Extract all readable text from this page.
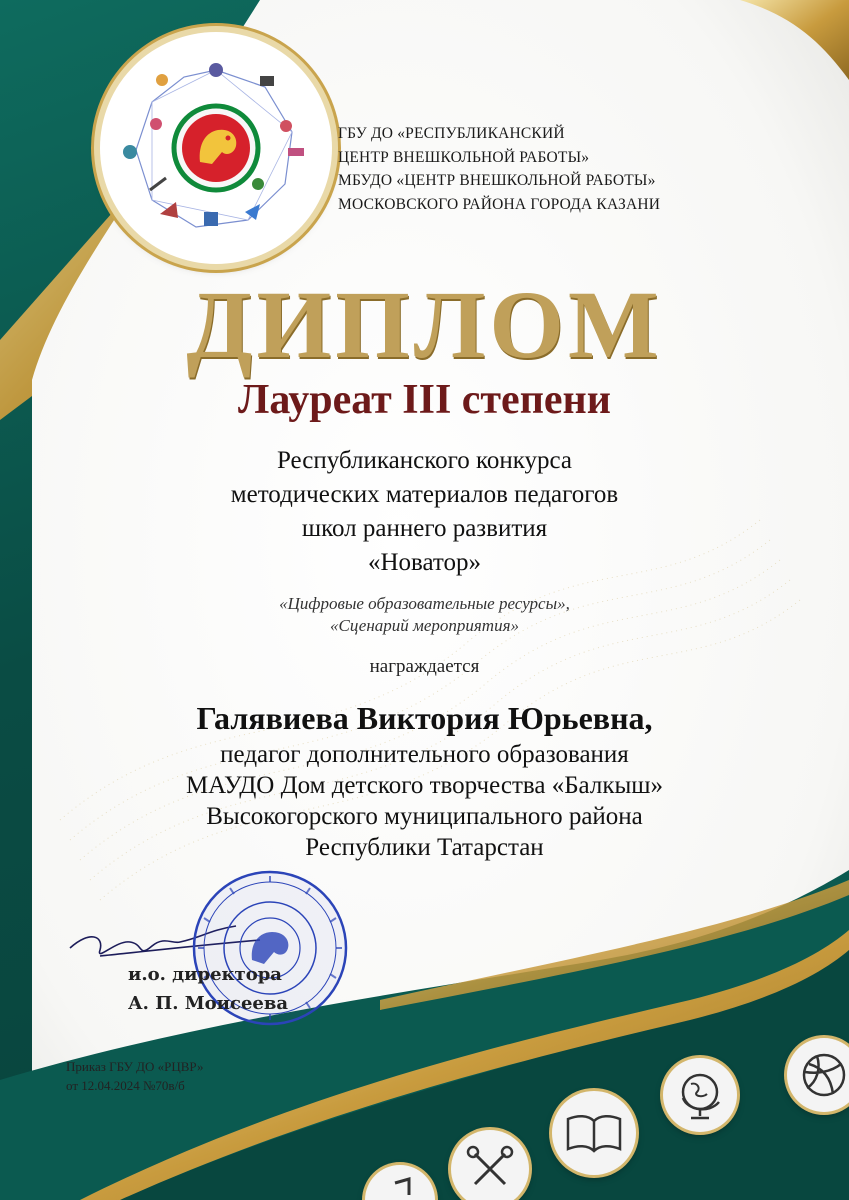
ГБУ ДО «РЕСПУБЛИКАНСКИЙ
ЦЕНТР ВНЕШКОЛЬНОЙ РАБОТЫ»
МБУДО «ЦЕНТР ВНЕШКОЛЬНОЙ РАБОТЫ»
МОСКОВСКОГО РАЙОНА ГОРОДА КАЗАНИ
ДИПЛОМ
Лауреат III степени
Республиканского конкурса
методических материалов педагогов
школ раннего развития
«Новатор»
«Цифровые образовательные ресурсы»,
«Сценарий мероприятия»
награждается
Галявиева Виктория Юрьевна,
педагог дополнительного образования
МАУДО Дом детского творчества «Балкыш»
Высокогорского муниципального района
Республики Татарстан
и.о. директора
А. П. Моисеева
Приказ ГБУ ДО «РЦВР»
от 12.04.2024 №70в/б
